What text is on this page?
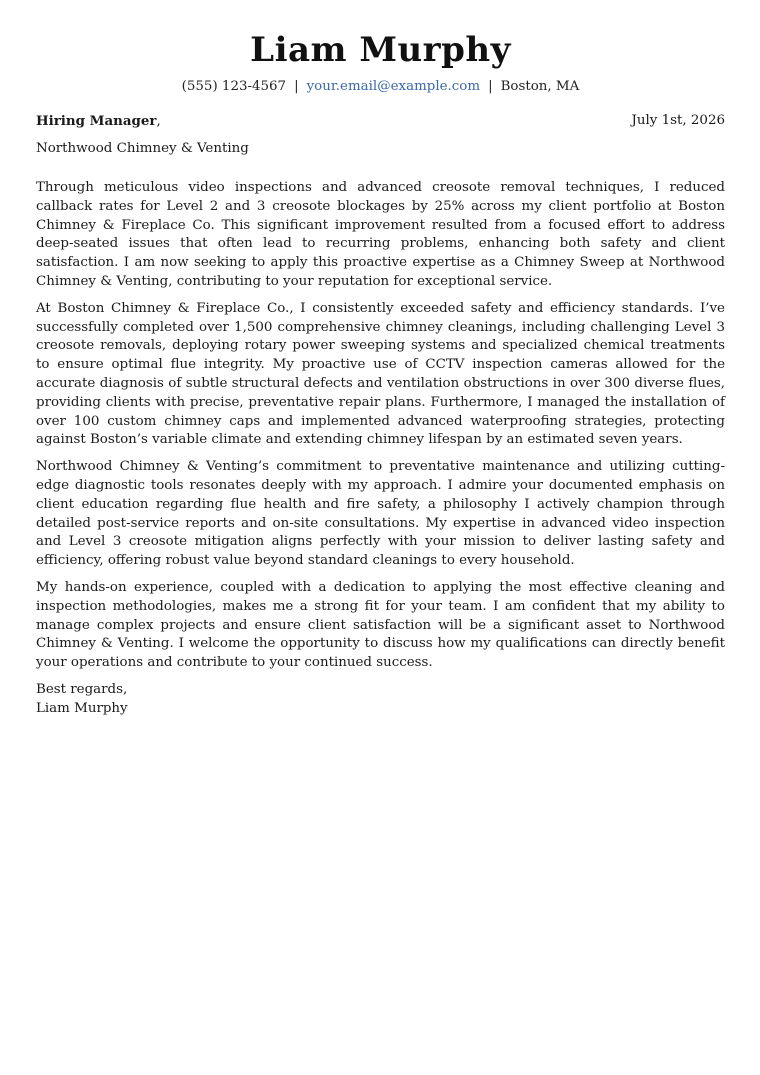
Liam Murphy
(555) 123-4567 | your.email@example.com | Boston, MA
Hiring Manager,	July 1st, 2026
Northwood Chimney & Venting

Through meticulous video inspections and advanced creosote removal techniques, I reduced callback rates for Level 2 and 3 creosote blockages by 25% across my client portfolio at Boston Chimney & Fireplace Co. This significant improvement resulted from a focused effort to address deep-seated issues that often lead to recurring problems, enhancing both safety and client satisfaction. I am now seeking to apply this proactive expertise as a Chimney Sweep at Northwood Chimney & Venting, contributing to your reputation for exceptional service.

At Boston Chimney & Fireplace Co., I consistently exceeded safety and efficiency standards. I’ve successfully completed over 1,500 comprehensive chimney cleanings, including challenging Level 3 creosote removals, deploying rotary power sweeping systems and specialized chemical treatments to ensure optimal flue integrity. My proactive use of CCTV inspection cameras allowed for the accurate diagnosis of subtle structural defects and ventilation obstructions in over 300 diverse flues, providing clients with precise, preventative repair plans. Furthermore, I managed the installation of over 100 custom chimney caps and implemented advanced waterproofing strategies, protecting against Boston’s variable climate and extending chimney lifespan by an estimated seven years.

Northwood Chimney & Venting’s commitment to preventative maintenance and utilizing cutting-edge diagnostic tools resonates deeply with my approach. I admire your documented emphasis on client education regarding flue health and fire safety, a philosophy I actively champion through detailed post-service reports and on-site consultations. My expertise in advanced video inspection and Level 3 creosote mitigation aligns perfectly with your mission to deliver lasting safety and efficiency, offering robust value beyond standard cleanings to every household.

My hands-on experience, coupled with a dedication to applying the most effective cleaning and inspection methodologies, makes me a strong fit for your team. I am confident that my ability to manage complex projects and ensure client satisfaction will be a significant asset to Northwood Chimney & Venting. I welcome the opportunity to discuss how my qualifications can directly benefit your operations and contribute to your continued success.

Best regards,
Liam Murphy
